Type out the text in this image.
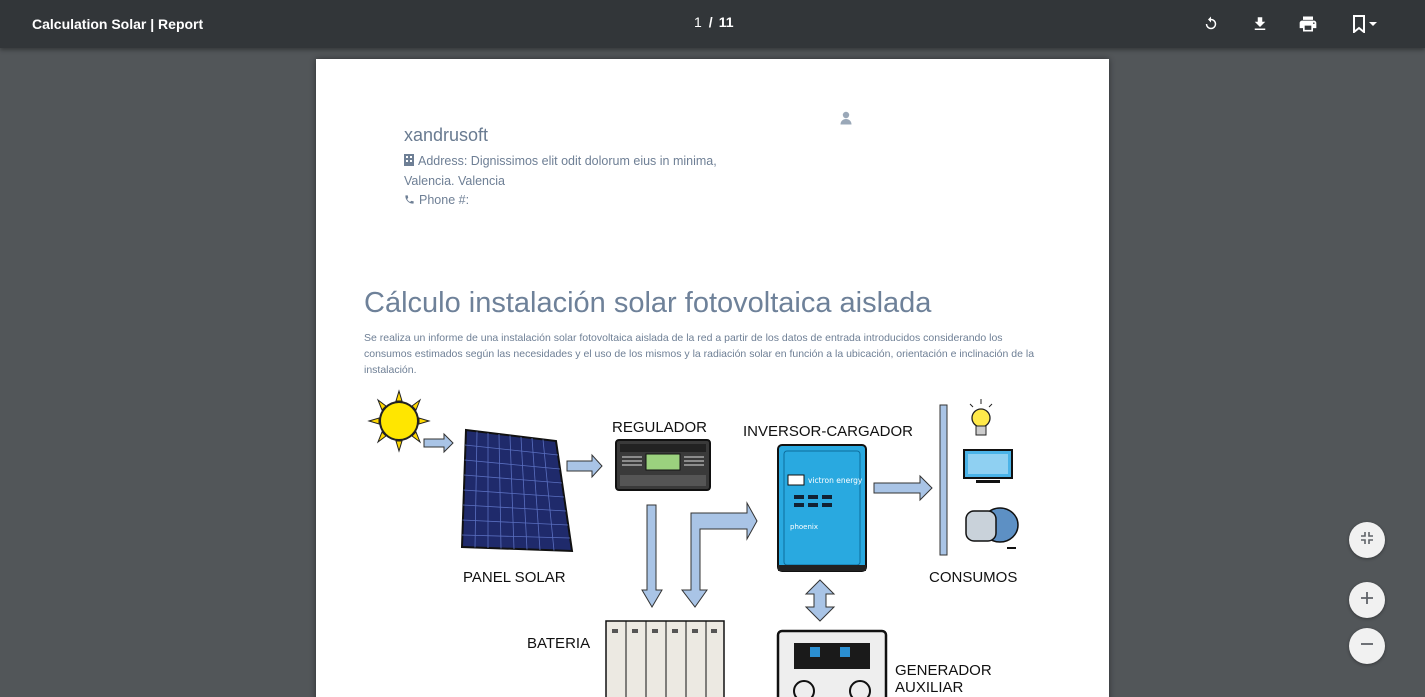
Calculation Solar | Report	1 / 11
xandrusoft
Address: Dignissimos elit odit dolorum eius in minima, Valencia. Valencia
Phone #:
Cálculo instalación solar fotovoltaica aislada
Se realiza un informe de una instalación solar fotovoltaica aislada de la red a partir de los datos de entrada introducidos considerando los consumos estimados según las necesidades y el uso de los mismos y la radiación solar en función a la ubicación, orientación e inclinación de la instalación.
victron energy
phoenix
REGULADOR INVERSOR-CARGADOR
PANEL SOLAR	CONSUMOS
BATERIA
GENERADOR
AUXILIAR
